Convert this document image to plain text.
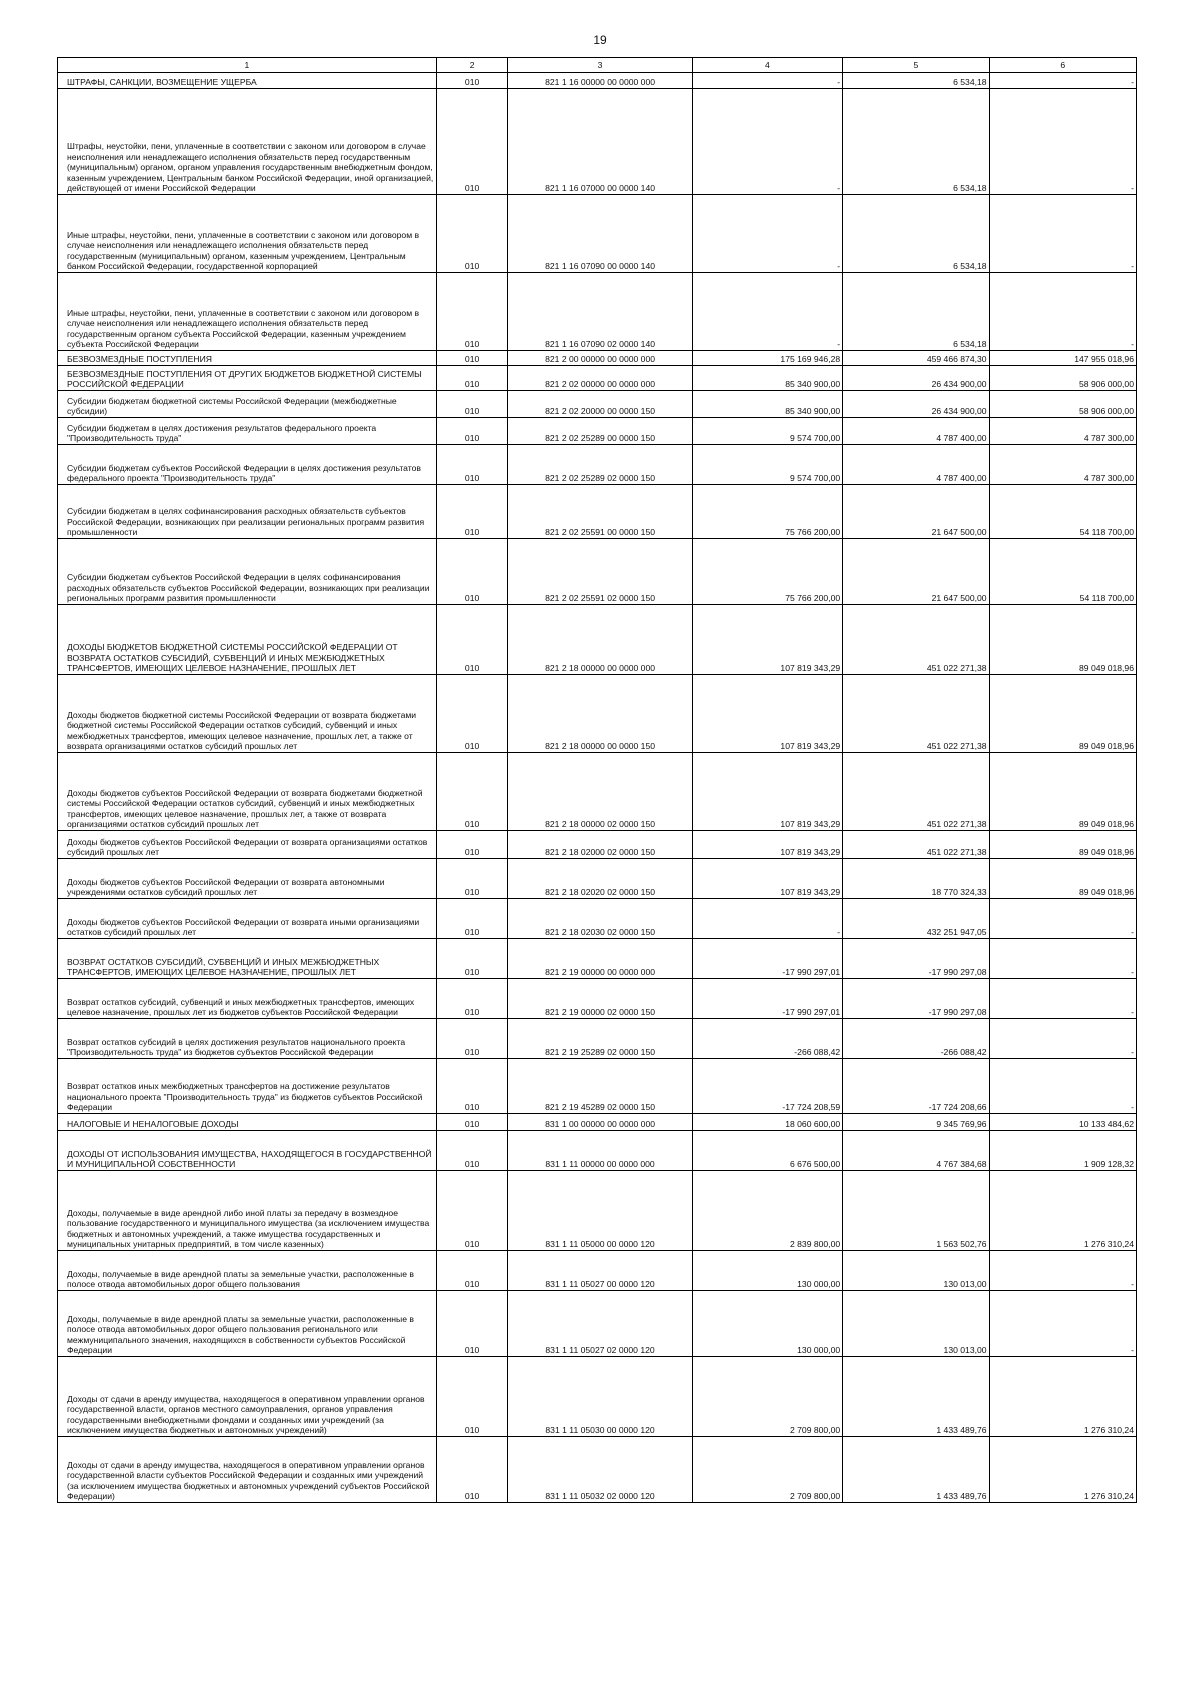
19
1	2	3	4	5	6
ШТРАФЫ, САНКЦИИ, ВОЗМЕЩЕНИЕ УЩЕРБА	010	821 1 16 00000 00 0000 000	-	6 534,18	-
Штрафы, неустойки, пени, уплаченные в соответствии с законом или договором в случае неисполнения или ненадлежащего исполнения обязательств перед государственным (муниципальным) органом, органом управления государственным внебюджетным фондом, казенным учреждением, Центральным банком Российской Федерации, иной организацией, действующей от имени Российской Федерации	010	821 1 16 07000 00 0000 140	-	6 534,18	-
Иные штрафы, неустойки, пени, уплаченные в соответствии с законом или договором в случае неисполнения или ненадлежащего исполнения обязательств перед государственным (муниципальным) органом, казенным учреждением, Центральным банком Российской Федерации, государственной корпорацией	010	821 1 16 07090 00 0000 140	-	6 534,18	-
Иные штрафы, неустойки, пени, уплаченные в соответствии с законом или договором в случае неисполнения или ненадлежащего исполнения обязательств перед государственным органом субъекта Российской Федерации, казенным учреждением субъекта Российской Федерации	010	821 1 16 07090 02 0000 140	-	6 534,18	-
БЕЗВОЗМЕЗДНЫЕ ПОСТУПЛЕНИЯ	010	821 2 00 00000 00 0000 000	175 169 946,28	459 466 874,30	147 955 018,96
БЕЗВОЗМЕЗДНЫЕ ПОСТУПЛЕНИЯ ОТ ДРУГИХ БЮДЖЕТОВ БЮДЖЕТНОЙ СИСТЕМЫ РОССИЙСКОЙ ФЕДЕРАЦИИ	010	821 2 02 00000 00 0000 000	85 340 900,00	26 434 900,00	58 906 000,00
Субсидии бюджетам бюджетной системы Российской Федерации (межбюджетные субсидии)	010	821 2 02 20000 00 0000 150	85 340 900,00	26 434 900,00	58 906 000,00
Субсидии бюджетам в целях достижения результатов федерального проекта "Производительность труда"	010	821 2 02 25289 00 0000 150	9 574 700,00	4 787 400,00	4 787 300,00
Субсидии бюджетам субъектов Российской Федерации в целях достижения результатов федерального проекта "Производительность труда"	010	821 2 02 25289 02 0000 150	9 574 700,00	4 787 400,00	4 787 300,00
Субсидии бюджетам в целях софинансирования расходных обязательств субъектов Российской Федерации, возникающих при реализации региональных программ развития промышленности	010	821 2 02 25591 00 0000 150	75 766 200,00	21 647 500,00	54 118 700,00
Субсидии бюджетам субъектов Российской Федерации в целях софинансирования расходных обязательств субъектов Российской Федерации, возникающих при реализации региональных программ развития промышленности	010	821 2 02 25591 02 0000 150	75 766 200,00	21 647 500,00	54 118 700,00
ДОХОДЫ БЮДЖЕТОВ БЮДЖЕТНОЙ СИСТЕМЫ РОССИЙСКОЙ ФЕДЕРАЦИИ ОТ ВОЗВРАТА ОСТАТКОВ СУБСИДИЙ, СУБВЕНЦИЙ И ИНЫХ МЕЖБЮДЖЕТНЫХ ТРАНСФЕРТОВ, ИМЕЮЩИХ ЦЕЛЕВОЕ НАЗНАЧЕНИЕ, ПРОШЛЫХ ЛЕТ	010	821 2 18 00000 00 0000 000	107 819 343,29	451 022 271,38	89 049 018,96
Доходы бюджетов бюджетной системы Российской Федерации от возврата бюджетами бюджетной системы Российской Федерации остатков субсидий, субвенций и иных межбюджетных трансфертов, имеющих целевое назначение, прошлых лет, а также от возврата организациями остатков субсидий прошлых лет	010	821 2 18 00000 00 0000 150	107 819 343,29	451 022 271,38	89 049 018,96
Доходы бюджетов субъектов Российской Федерации от возврата бюджетами бюджетной системы Российской Федерации остатков субсидий, субвенций и иных межбюджетных трансфертов, имеющих целевое назначение, прошлых лет, а также от возврата организациями остатков субсидий прошлых лет	010	821 2 18 00000 02 0000 150	107 819 343,29	451 022 271,38	89 049 018,96
Доходы бюджетов субъектов Российской Федерации от возврата организациями остатков субсидий прошлых лет	010	821 2 18 02000 02 0000 150	107 819 343,29	451 022 271,38	89 049 018,96
Доходы бюджетов субъектов Российской Федерации от возврата автономными учреждениями остатков субсидий прошлых лет	010	821 2 18 02020 02 0000 150	107 819 343,29	18 770 324,33	89 049 018,96
Доходы бюджетов субъектов Российской Федерации от возврата иными организациями остатков субсидий прошлых лет	010	821 2 18 02030 02 0000 150	-	432 251 947,05	-
ВОЗВРАТ ОСТАТКОВ СУБСИДИЙ, СУБВЕНЦИЙ И ИНЫХ МЕЖБЮДЖЕТНЫХ ТРАНСФЕРТОВ, ИМЕЮЩИХ ЦЕЛЕВОЕ НАЗНАЧЕНИЕ, ПРОШЛЫХ ЛЕТ	010	821 2 19 00000 00 0000 000	-17 990 297,01	-17 990 297,08	-
Возврат остатков субсидий, субвенций и иных межбюджетных трансфертов, имеющих целевое назначение, прошлых лет из бюджетов субъектов Российской Федерации	010	821 2 19 00000 02 0000 150	-17 990 297,01	-17 990 297,08	-
Возврат остатков субсидий в целях достижения результатов национального проекта "Производительность труда" из бюджетов субъектов Российской Федерации	010	821 2 19 25289 02 0000 150	-266 088,42	-266 088,42	-
Возврат остатков иных межбюджетных трансфертов на достижение результатов национального проекта "Производительность труда" из бюджетов субъектов Российской Федерации	010	821 2 19 45289 02 0000 150	-17 724 208,59	-17 724 208,66	-
НАЛОГОВЫЕ И НЕНАЛОГОВЫЕ ДОХОДЫ	010	831 1 00 00000 00 0000 000	18 060 600,00	9 345 769,96	10 133 484,62
ДОХОДЫ ОТ ИСПОЛЬЗОВАНИЯ ИМУЩЕСТВА, НАХОДЯЩЕГОСЯ В ГОСУДАРСТВЕННОЙ И МУНИЦИПАЛЬНОЙ СОБСТВЕННОСТИ	010	831 1 11 00000 00 0000 000	6 676 500,00	4 767 384,68	1 909 128,32
Доходы, получаемые в виде арендной либо иной платы за передачу в возмездное пользование государственного и муниципального имущества (за исключением имущества бюджетных и автономных учреждений, а также имущества государственных и муниципальных унитарных предприятий, в том числе казенных)	010	831 1 11 05000 00 0000 120	2 839 800,00	1 563 502,76	1 276 310,24
Доходы, получаемые в виде арендной платы за земельные участки, расположенные в полосе отвода автомобильных дорог общего пользования	010	831 1 11 05027 00 0000 120	130 000,00	130 013,00	-
Доходы, получаемые в виде арендной платы за земельные участки, расположенные в полосе отвода автомобильных дорог общего пользования регионального или межмуниципального значения, находящихся в собственности субъектов Российской Федерации	010	831 1 11 05027 02 0000 120	130 000,00	130 013,00	-
Доходы от сдачи в аренду имущества, находящегося в оперативном управлении органов государственной власти, органов местного самоуправления, органов управления государственными внебюджетными фондами и созданных ими учреждений (за исключением имущества бюджетных и автономных учреждений)	010	831 1 11 05030 00 0000 120	2 709 800,00	1 433 489,76	1 276 310,24
Доходы от сдачи в аренду имущества, находящегося в оперативном управлении органов государственной власти субъектов Российской Федерации и созданных ими учреждений (за исключением имущества бюджетных и автономных учреждений субъектов Российской Федерации)	010	831 1 11 05032 02 0000 120	2 709 800,00	1 433 489,76	1 276 310,24
